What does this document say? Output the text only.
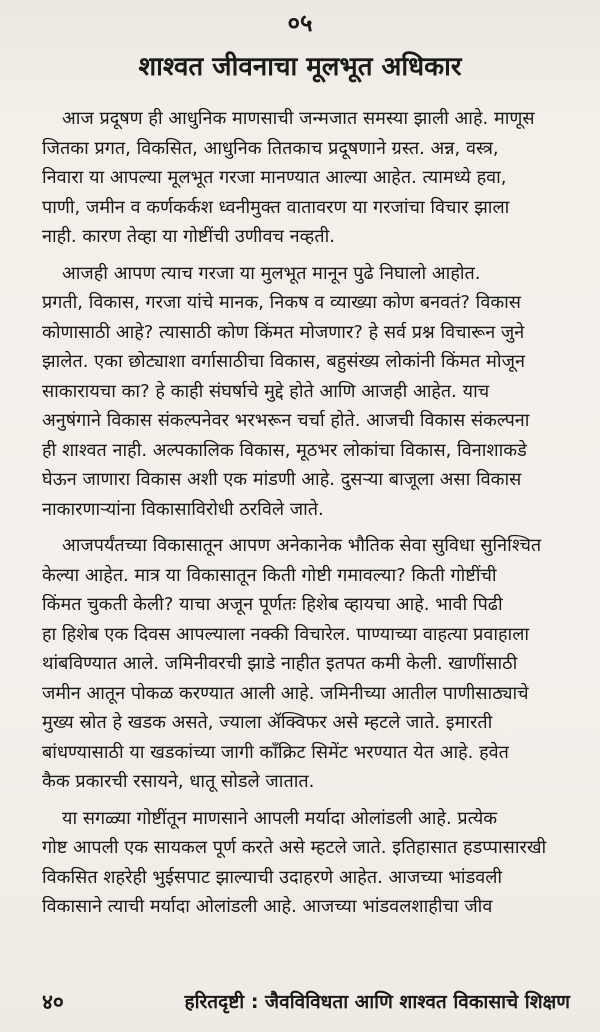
०५
शाश्वत जीवनाचा मूलभूत अधिकार

आज प्रदूषण ही आधुनिक माणसाची जन्मजात समस्या झाली आहे. माणूस
जितका प्रगत, विकसित, आधुनिक तितकाच प्रदूषणाने ग्रस्त. अन्न, वस्त्र,
निवारा या आपल्या मूलभूत गरजा मानण्यात आल्या आहेत. त्यामध्ये हवा,
पाणी, जमीन व कर्णकर्कश ध्वनीमुक्त वातावरण या गरजांचा विचार झाला
नाही. कारण तेव्हा या गोष्टींची उणीवच नव्हती.

आजही आपण त्याच गरजा या मुलभूत मानून पुढे निघालो आहोत.
प्रगती, विकास, गरजा यांचे मानक, निकष व व्याख्या कोण बनवतं? विकास
कोणासाठी आहे? त्यासाठी कोण किंमत मोजणार? हे सर्व प्रश्न विचारून जुने
झालेत. एका छोट्याशा वर्गासाठीचा विकास, बहुसंख्य लोकांनी किंमत मोजून
साकारायचा का? हे काही संघर्षाचे मुद्दे होते आणि आजही आहेत. याच
अनुषंगाने विकास संकल्पनेवर भरभरून चर्चा होते. आजची विकास संकल्पना
ही शाश्वत नाही. अल्पकालिक विकास, मूठभर लोकांचा विकास, विनाशाकडे
घेऊन जाणारा विकास अशी एक मांडणी आहे. दुसऱ्या बाजूला असा विकास
नाकारणाऱ्यांना विकासाविरोधी ठरविले जाते.

आजपर्यंतच्या विकासातून आपण अनेकानेक भौतिक सेवा सुविधा सुनिश्चित
केल्या आहेत. मात्र या विकासातून किती गोष्टी गमावल्या? किती गोष्टींची
किंमत चुकती केली? याचा अजून पूर्णतः हिशेब व्हायचा आहे. भावी पिढी
हा हिशेब एक दिवस आपल्याला नक्की विचारेल. पाण्याच्या वाहत्या प्रवाहाला
थांबविण्यात आले. जमिनीवरची झाडे नाहीत इतपत कमी केली. खाणींसाठी
जमीन आतून पोकळ करण्यात आली आहे. जमिनीच्या आतील पाणीसाठ्याचे
मुख्य स्रोत हे खडक असते, ज्याला ॲक्विफर असे म्हटले जाते. इमारती
बांधण्यासाठी या खडकांच्या जागी काँक्रिट सिमेंट भरण्यात येत आहे. हवेत
कैक प्रकारची रसायने, धातू सोडले जातात.

या सगळ्या गोष्टींतून माणसाने आपली मर्यादा ओलांडली आहे. प्रत्येक
गोष्ट आपली एक सायकल पूर्ण करते असे म्हटले जाते. इतिहासात हडप्पासारखी
विकसित शहरेही भुईसपाट झाल्याची उदाहरणे आहेत. आजच्या भांडवली
विकासाने त्याची मर्यादा ओलांडली आहे. आजच्या भांडवलशाहीचा जीव

४०	हरितदृष्टी : जैवविविधता आणि शाश्वत विकासाचे शिक्षण
